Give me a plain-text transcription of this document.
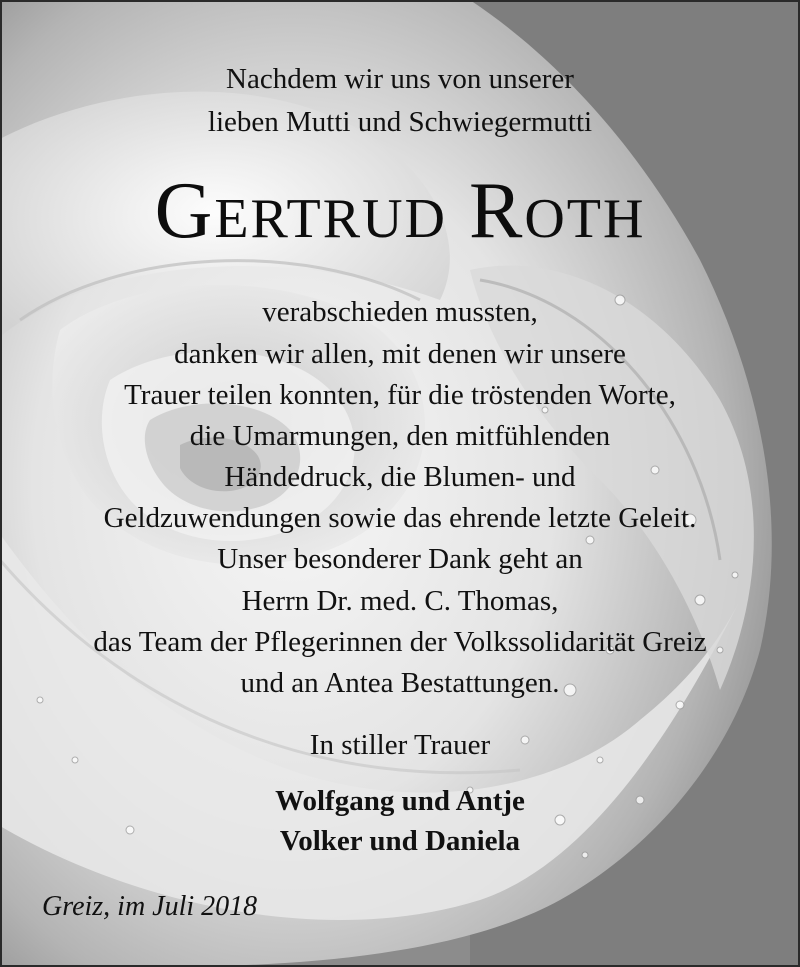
Nachdem wir uns von unserer
lieben Mutti und Schwiegermutti
Gertrud Roth
verabschieden mussten,
danken wir allen, mit denen wir unsere
Trauer teilen konnten, für die tröstenden Worte,
die Umarmungen, den mitfühlenden
Händedruck, die Blumen- und
Geldzuwendungen sowie das ehrende letzte Geleit.
Unser besonderer Dank geht an
Herrn Dr. med. C. Thomas,
das Team der Pflegerinnen der Volkssolidarität Greiz
und an Antea Bestattungen.
In stiller Trauer
Wolfgang und Antje
Volker und Daniela
Greiz, im Juli 2018
